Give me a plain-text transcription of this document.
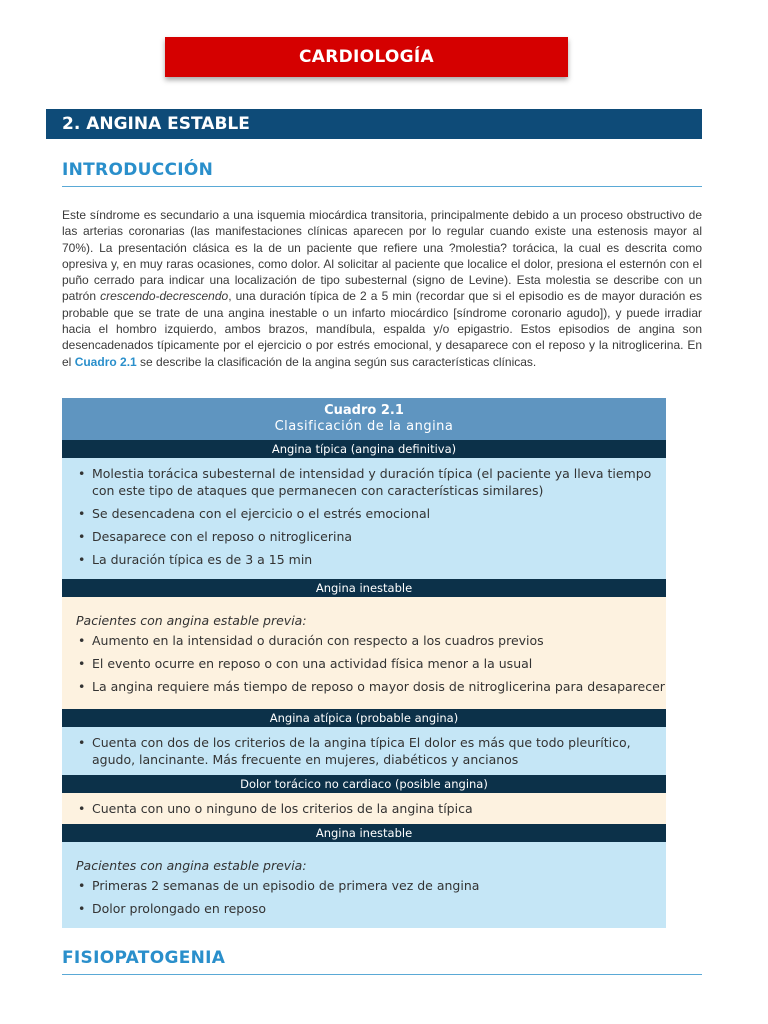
CARDIOLOGÍA
2. ANGINA ESTABLE
INTRODUCCIÓN
Este síndrome es secundario a una isquemia miocárdica transitoria, principalmente debido a un proceso obstructivo de las arterias coronarias (las manifestaciones clínicas aparecen por lo regular cuando existe una estenosis mayor al 70%). La presentación clásica es la de un paciente que refiere una ?molestia? torácica, la cual es descrita como opresiva y, en muy raras ocasiones, como dolor. Al solicitar al paciente que localice el dolor, presiona el esternón con el puño cerrado para indicar una localización de tipo subesternal (signo de Levine). Esta molestia se describe con un patrón crescendo-decrescendo, una duración típica de 2 a 5 min (recordar que si el episodio es de mayor duración es probable que se trate de una angina inestable o un infarto miocárdico [síndrome coronario agudo]), y puede irradiar hacia el hombro izquierdo, ambos brazos, mandíbula, espalda y/o epigastrio. Estos episodios de angina son desencadenados típicamente por el ejercicio o por estrés emocional, y desaparece con el reposo y la nitroglicerina. En el Cuadro 2.1 se describe la clasificación de la angina según sus características clínicas.
Cuadro 2.1
Clasificación de la angina
Angina típica (angina definitiva)
• Molestia torácica subesternal de intensidad y duración típica (el paciente ya lleva tiempo con este tipo de ataques que permanecen con características similares)
• Se desencadena con el ejercicio o el estrés emocional
• Desaparece con el reposo o nitroglicerina
• La duración típica es de 3 a 15 min
Angina inestable
Pacientes con angina estable previa:
• Aumento en la intensidad o duración con respecto a los cuadros previos
• El evento ocurre en reposo o con una actividad física menor a la usual
• La angina requiere más tiempo de reposo o mayor dosis de nitroglicerina para desaparecer
Angina atípica (probable angina)
• Cuenta con dos de los criterios de la angina típica El dolor es más que todo pleurítico, agudo, lancinante. Más frecuente en mujeres, diabéticos y ancianos
Dolor torácico no cardiaco (posible angina)
• Cuenta con uno o ninguno de los criterios de la angina típica
Angina inestable
Pacientes con angina estable previa:
• Primeras 2 semanas de un episodio de primera vez de angina
• Dolor prolongado en reposo
FISIOPATOGENIA
